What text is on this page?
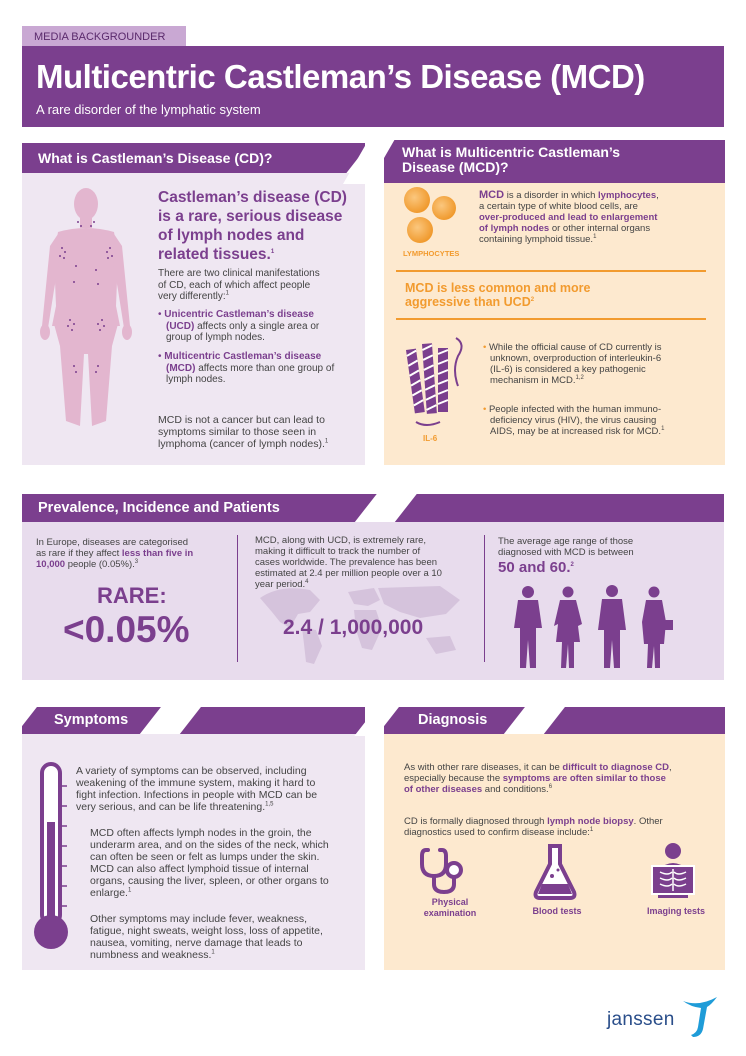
MEDIA BACKGROUNDER
Multicentric Castleman’s Disease (MCD)
A rare disorder of the lymphatic system
What is Castleman’s Disease (CD)?
Castleman’s disease (CD)
is a rare, serious disease
of lymph nodes and
related tissues.$^1$
There are two clinical manifestations
of CD, each of which affect people
very differently:$^1$
• Unicentric Castleman’s disease
(UCD) affects only a single area or
group of lymph nodes.
• Multicentric Castleman’s disease
(MCD) affects more than one group of
lymph nodes.
MCD is not a cancer but can lead to
symptoms similar to those seen in
lymphoma (cancer of lymph nodes).$^1$
What is Multicentric Castleman’s
Disease (MCD)?
LYMPHOCYTES
MCD is a disorder in which lymphocytes,
a certain type of white blood cells, are
over-produced and lead to enlargement
of lymph nodes or other internal organs
containing lymphoid tissue.$^1$
MCD is less common and more
aggressive than UCD$^2$
IL-6
• While the official cause of CD currently is
unknown, overproduction of interleukin-6
(IL-6) is considered a key pathogenic
mechanism in MCD.$^{1,2}$
• People infected with the human immuno-
deficiency virus (HIV), the virus causing
AIDS, may be at increased risk for MCD.$^1$
Prevalence, Incidence and Patients
In Europe, diseases are categorised
as rare if they affect less than five in
10,000 people (0.05%).$^3$
RARE:
<0.05%
MCD, along with UCD, is extremely rare,
making it difficult to track the number of
cases worldwide. The prevalence has been
estimated at 2.4 per million people over a 10
year period.$^4$
2.4 / 1,000,000
The average age range of those
diagnosed with MCD is between
50 and 60.$^2$
Symptoms
A variety of symptoms can be observed, including
weakening of the immune system, making it hard to
fight infection. Infections in people with MCD can be
very serious, and can be life threatening.$^{1,5}$
MCD often affects lymph nodes in the groin, the
underarm area, and on the sides of the neck, which
can often be seen or felt as lumps under the skin.
MCD can also affect lymphoid tissue of internal
organs, causing the liver, spleen, or other organs to
enlarge.$^1$
Other symptoms may include fever, weakness,
fatigue, night sweats, weight loss, loss of appetite,
nausea, vomiting, nerve damage that leads to
numbness and weakness.$^1$
Diagnosis
As with other rare diseases, it can be difficult to diagnose CD,
especially because the symptoms are often similar to those
of other diseases and conditions.$^6$
CD is formally diagnosed through lymph node biopsy. Other
diagnostics used to confirm disease include:$^1$
Physical
examination	Blood tests	Imaging tests
janssen
